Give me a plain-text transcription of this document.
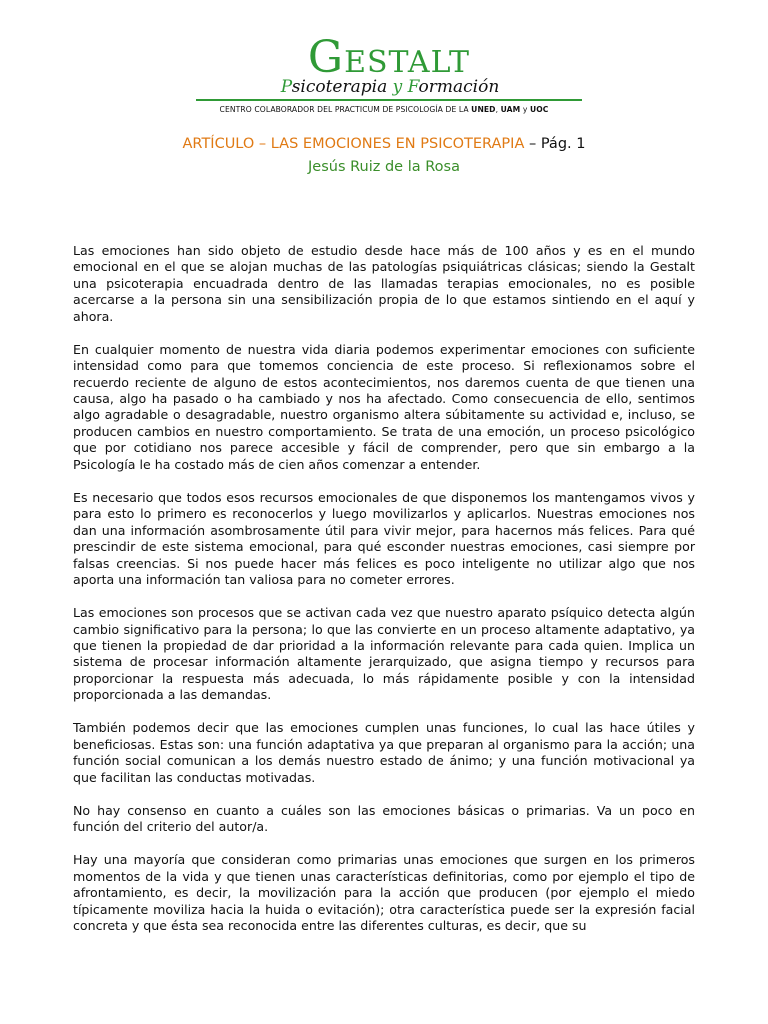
GESTALT
Psicoterapia y Formación
CENTRO COLABORADOR DEL PRACTICUM DE PSICOLOGÍA DE LA UNED, UAM y UOC
ARTÍCULO – LAS EMOCIONES EN PSICOTERAPIA – Pág. 1
Jesús Ruiz de la Rosa

Las emociones han sido objeto de estudio desde hace más de 100 años y es en el mundo emocional en el que se alojan muchas de las patologías psiquiátricas clásicas; siendo la Gestalt una psicoterapia encuadrada dentro de las llamadas terapias emocionales, no es posible acercarse a la persona sin una sensibilización propia de lo que estamos sintiendo en el aquí y ahora.

En cualquier momento de nuestra vida diaria podemos experimentar emociones con suficiente intensidad como para que tomemos conciencia de este proceso. Si reflexionamos sobre el recuerdo reciente de alguno de estos acontecimientos, nos daremos cuenta de que tienen una causa, algo ha pasado o ha cambiado y nos ha afectado. Como consecuencia de ello, sentimos algo agradable o desagradable, nuestro organismo altera súbitamente su actividad e, incluso, se producen cambios en nuestro comportamiento. Se trata de una emoción, un proceso psicológico que por cotidiano nos parece accesible y fácil de comprender, pero que sin embargo a la Psicología le ha costado más de cien años comenzar a entender.

Es necesario que todos esos recursos emocionales de que disponemos los mantengamos vivos y para esto lo primero es reconocerlos y luego movilizarlos y aplicarlos. Nuestras emociones nos dan una información asombrosamente útil para vivir mejor, para hacernos más felices. Para qué prescindir de este sistema emocional, para qué esconder nuestras emociones, casi siempre por falsas creencias. Si nos puede hacer más felices es poco inteligente no utilizar algo que nos aporta una información tan valiosa para no cometer errores.

Las emociones son procesos que se activan cada vez que nuestro aparato psíquico detecta algún cambio significativo para la persona; lo que las convierte en un proceso altamente adaptativo, ya que tienen la propiedad de dar prioridad a la información relevante para cada quien. Implica un sistema de procesar información altamente jerarquizado, que asigna tiempo y recursos para proporcionar la respuesta más adecuada, lo más rápidamente posible y con la intensidad proporcionada a las demandas.

También podemos decir que las emociones cumplen unas funciones, lo cual las hace útiles y beneficiosas. Estas son: una función adaptativa ya que preparan al organismo para la acción; una función social comunican a los demás nuestro estado de ánimo; y una función motivacional ya que facilitan las conductas motivadas.

No hay consenso en cuanto a cuáles son las emociones básicas o primarias. Va un poco en función del criterio del autor/a.

Hay una mayoría que consideran como primarias unas emociones que surgen en los primeros momentos de la vida y que tienen unas características definitorias, como por ejemplo el tipo de afrontamiento, es decir, la movilización para la acción que producen (por ejemplo el miedo típicamente moviliza hacia la huida o evitación); otra característica puede ser la expresión facial concreta y que ésta sea reconocida entre las diferentes culturas, es decir, que su
